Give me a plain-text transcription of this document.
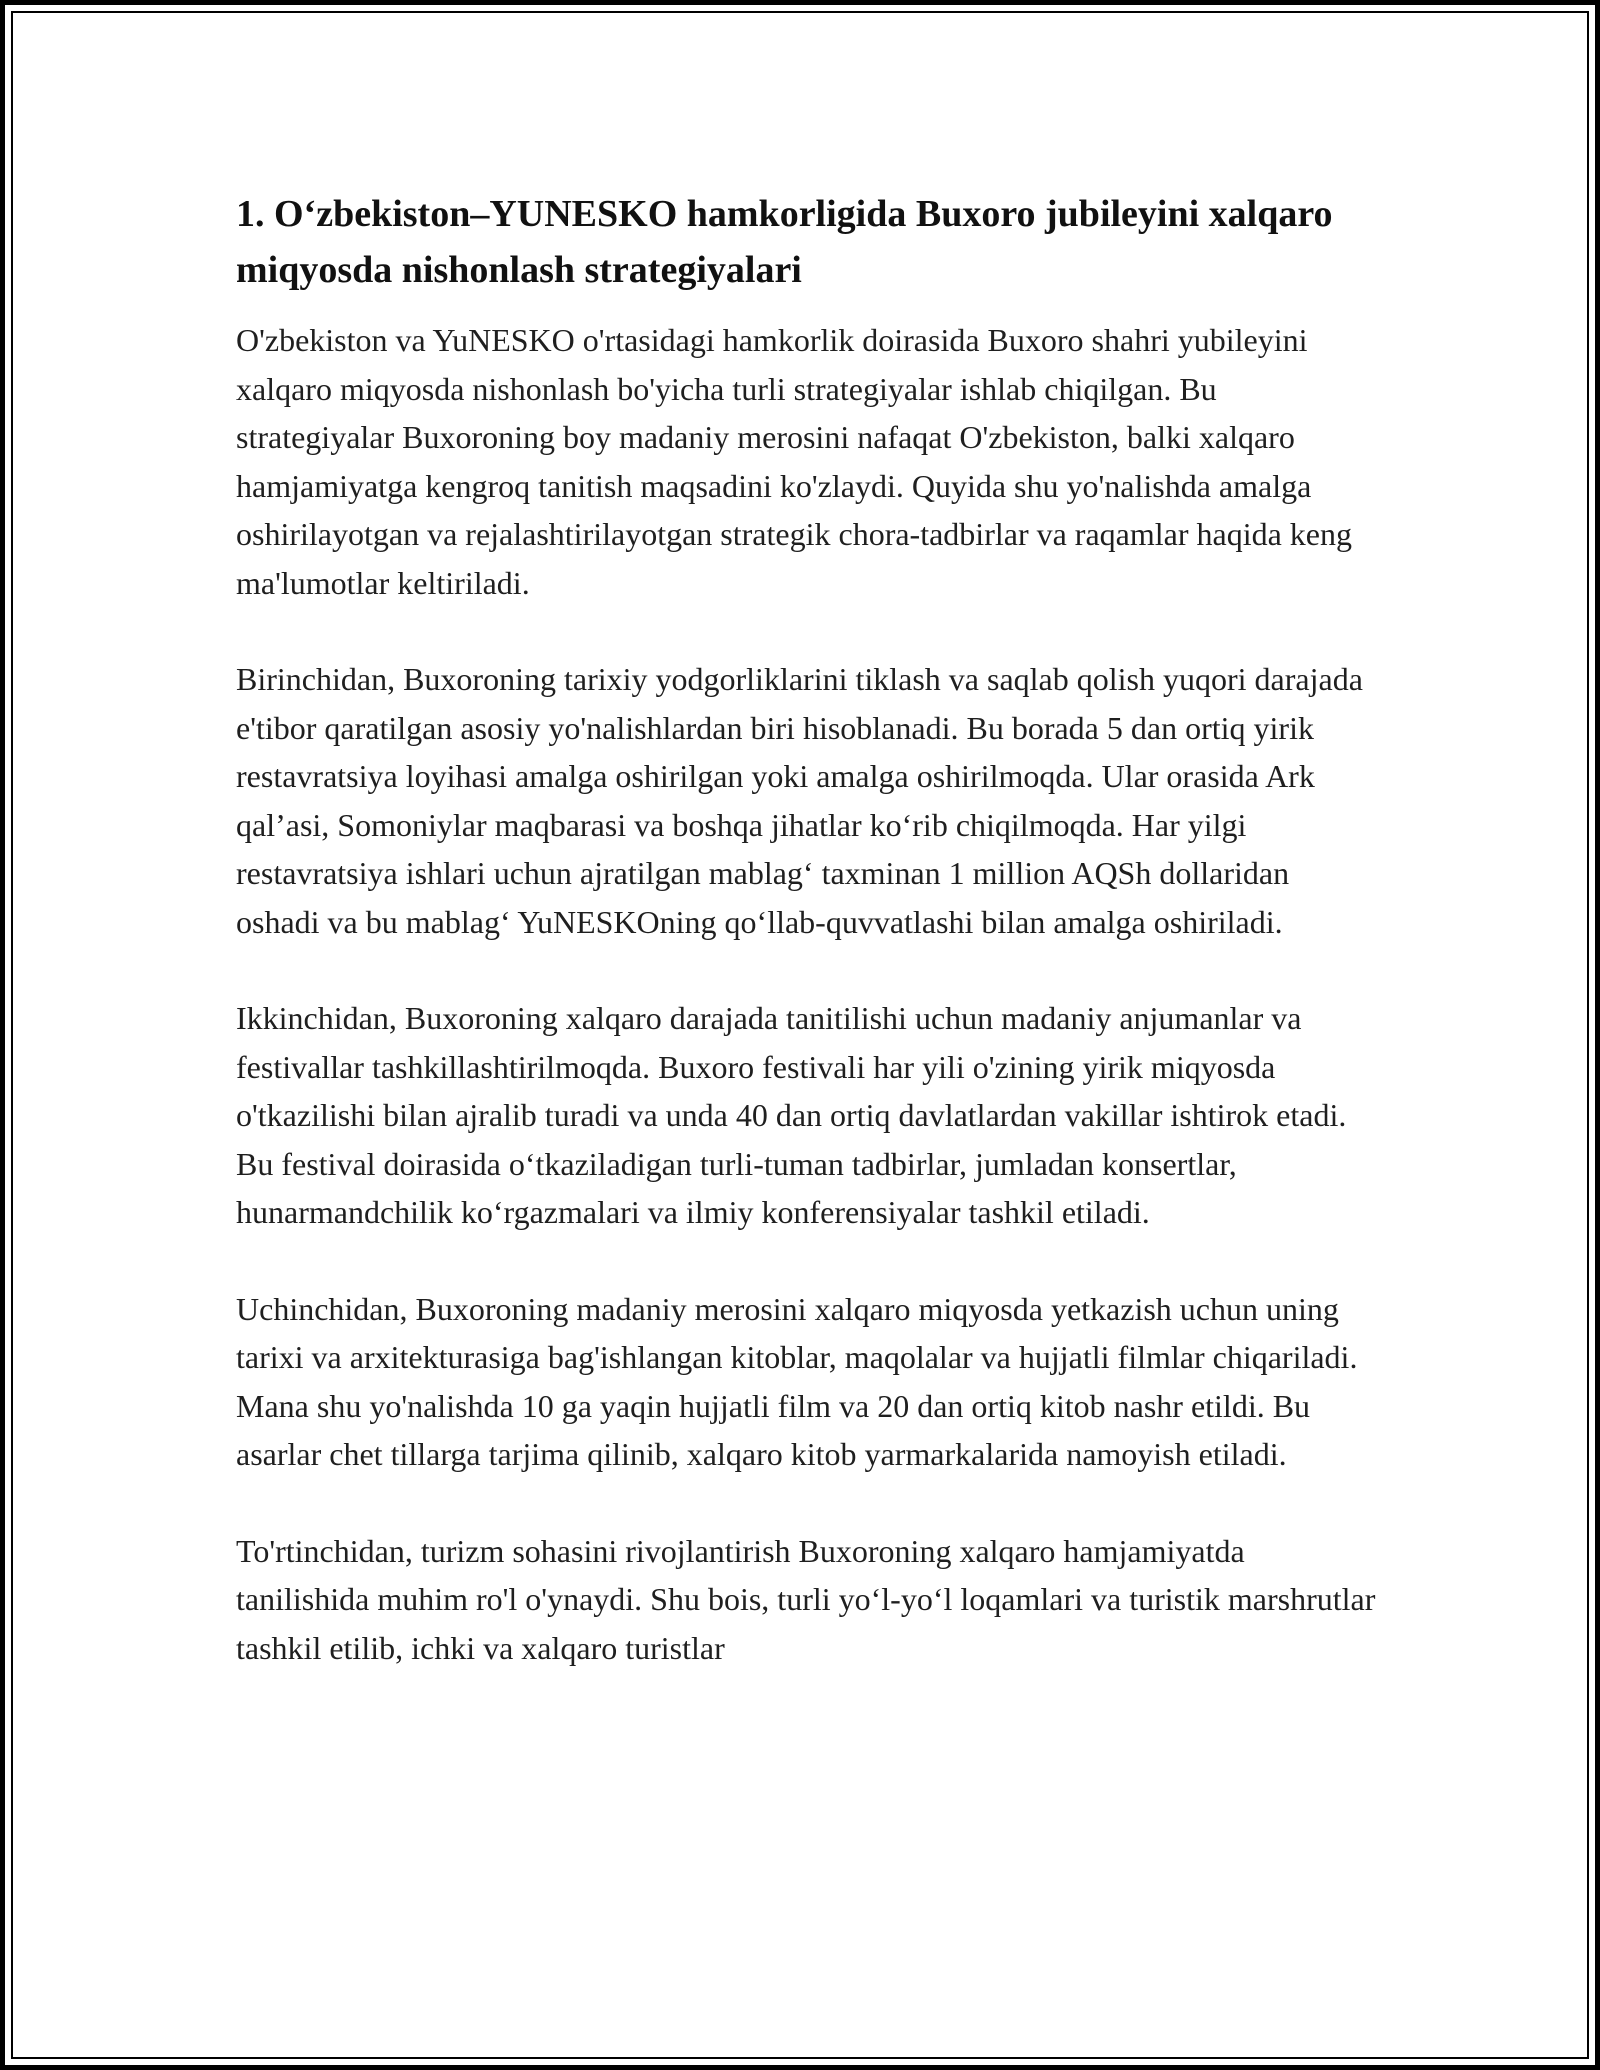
1. O‘zbekiston–YUNESKO hamkorligida Buxoro jubileyini xalqaro miqyosda nishonlash strategiyalari

O'zbekiston va YuNESKO o'rtasidagi hamkorlik doirasida Buxoro shahri yubileyini xalqaro miqyosda nishonlash bo'yicha turli strategiyalar ishlab chiqilgan. Bu strategiyalar Buxoroning boy madaniy merosini nafaqat O'zbekiston, balki xalqaro hamjamiyatga kengroq tanitish maqsadini ko'zlaydi. Quyida shu yo'nalishda amalga oshirilayotgan va rejalashtirilayotgan strategik chora-tadbirlar va raqamlar haqida keng ma'lumotlar keltiriladi.

Birinchidan, Buxoroning tarixiy yodgorliklarini tiklash va saqlab qolish yuqori darajada e'tibor qaratilgan asosiy yo'nalishlardan biri hisoblanadi. Bu borada 5 dan ortiq yirik restavratsiya loyihasi amalga oshirilgan yoki amalga oshirilmoqda. Ular orasida Ark qal’asi, Somoniylar maqbarasi va boshqa jihatlar ko‘rib chiqilmoqda. Har yilgi restavratsiya ishlari uchun ajratilgan mablag‘ taxminan 1 million AQSh dollaridan oshadi va bu mablag‘ YuNESKOning qo‘llab-quvvatlashi bilan amalga oshiriladi.

Ikkinchidan, Buxoroning xalqaro darajada tanitilishi uchun madaniy anjumanlar va festivallar tashkillashtirilmoqda. Buxoro festivali har yili o'zining yirik miqyosda o'tkazilishi bilan ajralib turadi va unda 40 dan ortiq davlatlardan vakillar ishtirok etadi. Bu festival doirasida o‘tkaziladigan turli-tuman tadbirlar, jumladan konsertlar, hunarmandchilik ko‘rgazmalari va ilmiy konferensiyalar tashkil etiladi.

Uchinchidan, Buxoroning madaniy merosini xalqaro miqyosda yetkazish uchun uning tarixi va arxitekturasiga bag'ishlangan kitoblar, maqolalar va hujjatli filmlar chiqariladi. Mana shu yo'nalishda 10 ga yaqin hujjatli film va 20 dan ortiq kitob nashr etildi. Bu asarlar chet tillarga tarjima qilinib, xalqaro kitob yarmarkalarida namoyish etiladi.

To'rtinchidan, turizm sohasini rivojlantirish Buxoroning xalqaro hamjamiyatda tanilishida muhim ro'l o'ynaydi. Shu bois, turli yo‘l-yo‘l loqamlari va turistik marshrutlar tashkil etilib, ichki va xalqaro turistlar
